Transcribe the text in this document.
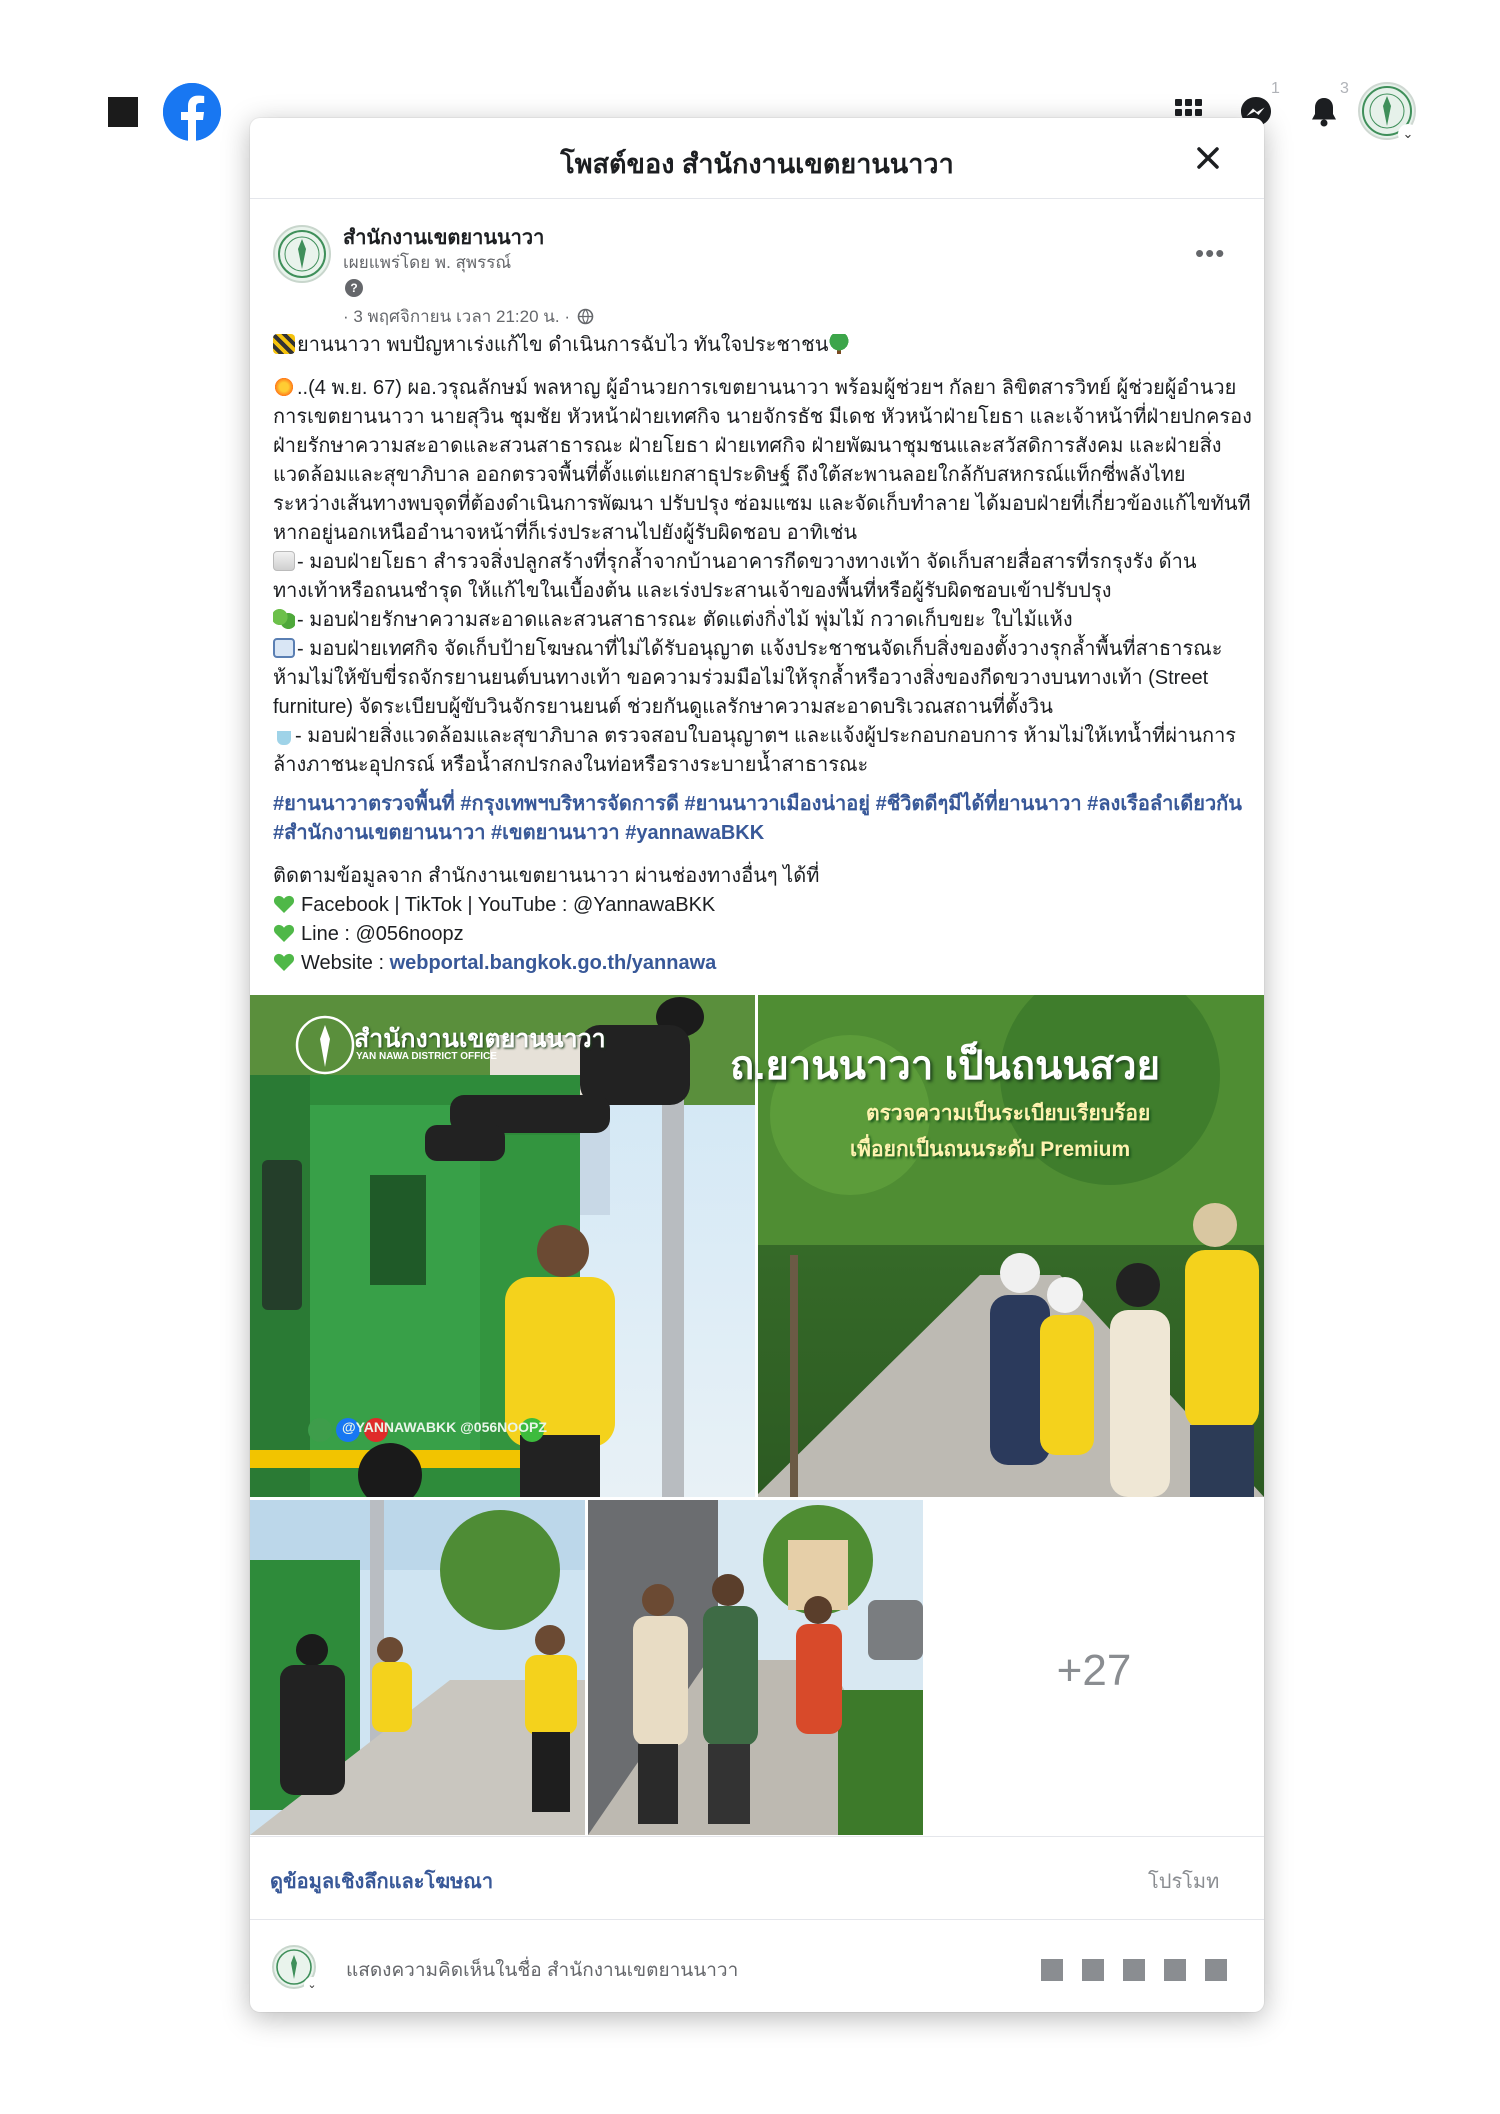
1	3
⌄
โพสต์ของ สำนักงานเขตยานนาวา
สำนักงานเขตยานนาวา
เผยแพร่โดย พ. สุพรรณ์
?
· 3 พฤศจิกายน เวลา 21:20 น. ·
•••

ยานนาวา พบปัญหาเร่งแก้ไข ดำเนินการฉับไว ทันใจประชาชน

..(4 พ.ย. 67) ผอ.วรุณลักษม์ พลหาญ ผู้อำนวยการเขตยานนาวา พร้อมผู้ช่วยฯ กัลยา ลิขิตสารวิทย์ ผู้ช่วยผู้อำนวยการเขตยานนาวา นายสุวิน ชุมชัย หัวหน้าฝ่ายเทศกิจ นายจักรธัช มีเดช หัวหน้าฝ่ายโยธา และเจ้าหน้าที่ฝ่ายปกครอง ฝ่ายรักษาความสะอาดและสวนสาธารณะ ฝ่ายโยธา ฝ่ายเทศกิจ ฝ่ายพัฒนาชุมชนและสวัสดิการสังคม และฝ่ายสิ่งแวดล้อมและสุขาภิบาล ออกตรวจพื้นที่ตั้งแต่แยกสาธุประดิษฐ์ ถึงใต้สะพานลอยใกล้กับสหกรณ์แท็กซี่พลังไทย ระหว่างเส้นทางพบจุดที่ต้องดำเนินการพัฒนา ปรับปรุง ซ่อมแซม และจัดเก็บทำลาย ได้มอบฝ่ายที่เกี่ยวข้องแก้ไขทันที หากอยู่นอกเหนืออำนาจหน้าที่ก็เร่งประสานไปยังผู้รับผิดชอบ อาทิเช่น

- มอบฝ่ายโยธา สำรวจสิ่งปลูกสร้างที่รุกล้ำจากบ้านอาคารกีดขวางทางเท้า จัดเก็บสายสื่อสารที่รกรุงรัง ด้านทางเท้าหรือถนนชำรุด ให้แก้ไขในเบื้องต้น และเร่งประสานเจ้าของพื้นที่หรือผู้รับผิดชอบเข้าปรับปรุง

- มอบฝ่ายรักษาความสะอาดและสวนสาธารณะ ตัดแต่งกิ่งไม้ พุ่มไม้ กวาดเก็บขยะ ใบไม้แห้ง

- มอบฝ่ายเทศกิจ จัดเก็บป้ายโฆษณาที่ไม่ได้รับอนุญาต แจ้งประชาชนจัดเก็บสิ่งของตั้งวางรุกล้ำพื้นที่สาธารณะ ห้ามไม่ให้ขับขี่รถจักรยานยนต์บนทางเท้า ขอความร่วมมือไม่ให้รุกล้ำหรือวางสิ่งของกีดขวางบนทางเท้า (Street furniture) จัดระเบียบผู้ขับวินจักรยานยนต์ ช่วยกันดูแลรักษาความสะอาดบริเวณสถานที่ตั้งวิน

- มอบฝ่ายสิ่งแวดล้อมและสุขาภิบาล ตรวจสอบใบอนุญาตฯ และแจ้งผู้ประกอบกอบการ ห้ามไม่ให้เทน้ำที่ผ่านการล้างภาชนะอุปกรณ์ หรือน้ำสกปรกลงในท่อหรือรางระบายน้ำสาธารณะ

#ยานนาวาตรวจพื้นที่ #กรุงเทพฯบริหารจัดการดี #ยานนาวาเมืองน่าอยู่ #ชีวิตดีๆมีได้ที่ยานนาวา #ลงเรือลำเดียวกัน #สำนักงานเขตยานนาวา #เขตยานนาวา #yannawaBKK

ติดตามข้อมูลจาก สำนักงานเขตยานนาวา ผ่านช่องทางอื่นๆ ได้ที่

Facebook | TikTok | YouTube : @YannawaBKK

Line : @056noopz

Website : webportal.bangkok.go.th/yannawa

สำนักงานเขตยานนาวา
YAN NAWA DISTRICT OFFICE	ถ.ยานนาวา เป็นถนนสวย
ตรวจความเป็นระเบียบเรียบร้อย
เพื่อยกเป็นถนนระดับ Premium
@YANNAWABKK @056NOOPZ
+27
ดูข้อมูลเชิงลึกและโฆษณา	โปรโมท
⌄
แสดงความคิดเห็นในชื่อ สำนักงานเขตยานนาวา
